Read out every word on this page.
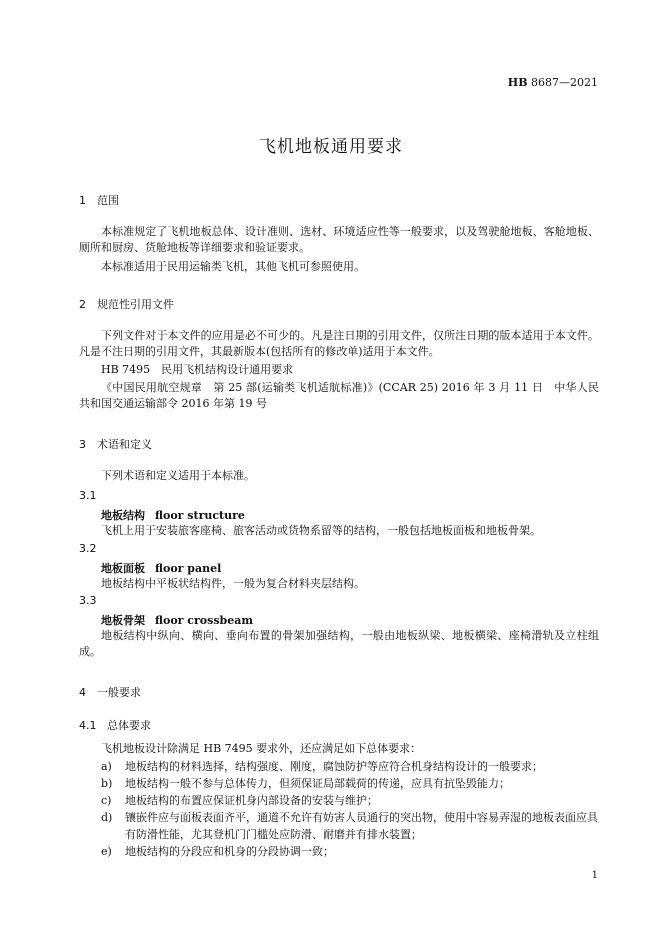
HB 8687—2021
飞机地板通用要求
1 范围
本标准规定了飞机地板总体、设计准则、选材、环境适应性等一般要求，以及驾驶舱地板、客舱地板、厕所和厨房、货舱地板等详细要求和验证要求。
本标准适用于民用运输类飞机，其他飞机可参照使用。
2 规范性引用文件
下列文件对于本文件的应用是必不可少的。凡是注日期的引用文件，仅所注日期的版本适用于本文件。凡是不注日期的引用文件，其最新版本(包括所有的修改单)适用于本文件。
HB 7495　民用飞机结构设计通用要求
《中国民用航空规章　第 25 部(运输类飞机适航标准)》(CCAR 25) 2016 年 3 月 11 日　中华人民共和国交通运输部令 2016 年第 19 号
3 术语和定义
下列术语和定义适用于本标准。
3.1
地板结构 floor structure
飞机上用于安装旅客座椅、旅客活动或货物系留等的结构，一般包括地板面板和地板骨架。
3.2
地板面板 floor panel
地板结构中平板状结构件，一般为复合材料夹层结构。
3.3
地板骨架 floor crossbeam
地板结构中纵向、横向、垂向布置的骨架加强结构，一般由地板纵梁、地板横梁、座椅滑轨及立柱组成。
4 一般要求
4.1 总体要求
飞机地板设计除满足 HB 7495 要求外，还应满足如下总体要求：
a) 地板结构的材料选择，结构强度、刚度，腐蚀防护等应符合机身结构设计的一般要求；
b) 地板结构一般不参与总体传力，但须保证局部载荷的传递，应具有抗坠毁能力；
c) 地板结构的布置应保证机身内部设备的安装与维护；
d) 镶嵌件应与面板表面齐平，通道不允许有妨害人员通行的突出物，使用中容易弄湿的地板表面应具有防滑性能，尤其登机门门槛处应防滑、耐磨并有排水装置；
e) 地板结构的分段应和机身的分段协调一致；
1
